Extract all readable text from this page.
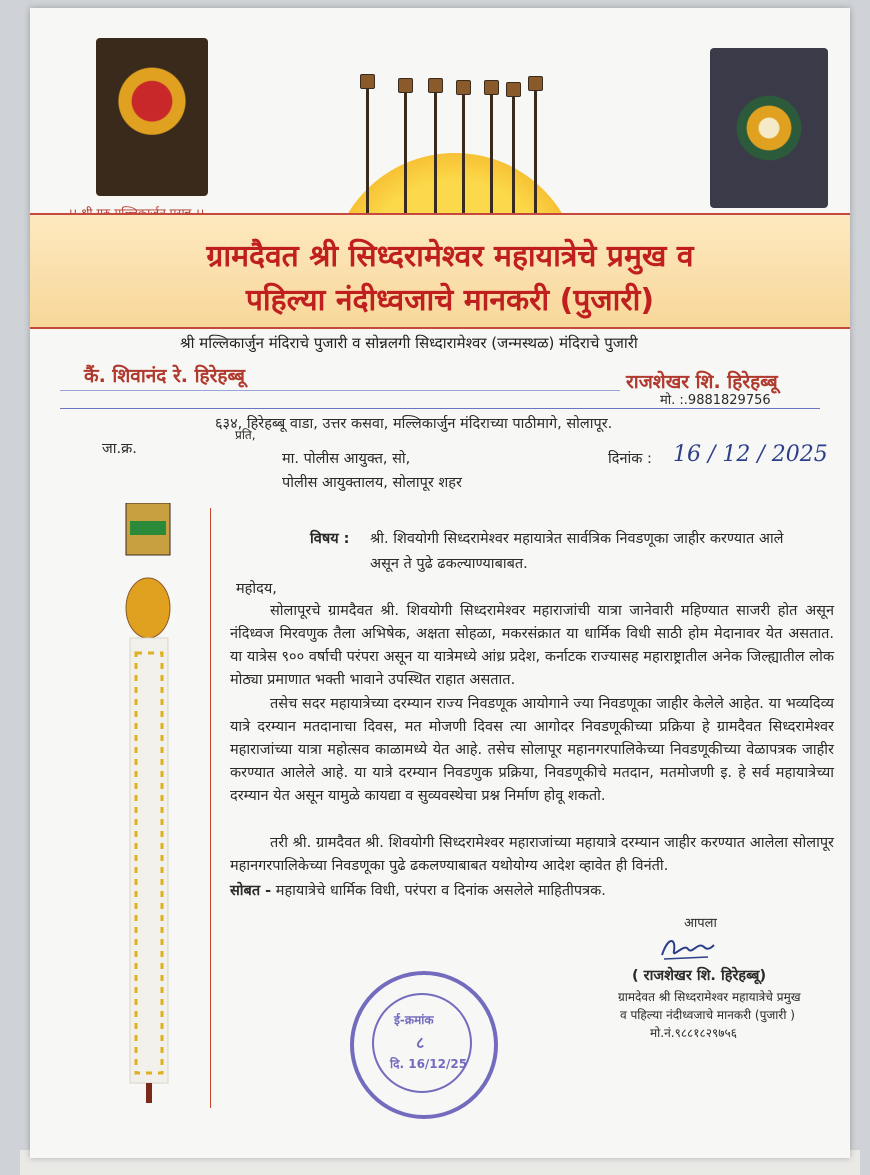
ग्रामदैवत श्री सिध्दरामेश्वर महायात्रेचे प्रमुख व
पहिल्या नंदीध्वजाचे मानकरी (पुजारी)
श्री मल्लिकार्जुन मंदिराचे पुजारी व सोन्नलगी सिध्दारामेश्वर (जन्मस्थळ) मंदिराचे पुजारी
कैं. शिवानंद रे. हिरेहब्बू	राजशेखर शि. हिरेहब्बू
मो. :.9881829756
६३४, हिरेहब्बू वाडा, उत्तर कसवा, मल्लिकार्जुन मंदिराच्या पाठीमागे, सोलापूर.
प्रति,
जा.क्र.
मा. पोलीस आयुक्त, सो,
पोलीस आयुक्तालय, सोलापूर शहर
दिनांक : 16 / 12 / 2025
विषय : श्री. शिवयोगी सिध्दरामेश्वर महायात्रेत सार्वत्रिक निवडणूका जाहीर करण्यात आले
असून ते पुढे ढकल्याण्याबाबत.
महोदय,
सोलापूरचे ग्रामदैवत श्री. शिवयोगी सिध्दरामेश्वर महाराजांची यात्रा जानेवारी महिण्यात साजरी होत असून नंदिध्वज मिरवणुक तैला अभिषेक, अक्षता सोहळा, मकरसंक्रात या धार्मिक विधी साठी होम मेदानावर येत असतात. या यात्रेस ९०० वर्षाची परंपरा असून या यात्रेमध्ये आंध्र प्रदेश, कर्नाटक राज्यासह महाराष्ट्रातील अनेक जिल्ह्यातील लोक मोठ्या प्रमाणात भक्ती भावाने उपस्थित राहात असतात.
तसेच सदर महायात्रेच्या दरम्यान राज्य निवडणूक आयोगाने ज्या निवडणूका जाहीर केलेले आहेत. या भव्यदिव्य यात्रे दरम्यान मतदानाचा दिवस, मत मोजणी दिवस त्या आगोदर निवडणूकीच्या प्रक्रिया हे ग्रामदैवत सिध्दरामेश्वर महाराजांच्या यात्रा महोत्सव काळामध्ये येत आहे. तसेच सोलापूर महानगरपालिकेच्या निवडणूकीच्या वेळापत्रक जाहीर करण्यात आलेले आहे. या यात्रे दरम्यान निवडणुक प्रक्रिया, निवडणूकीचे मतदान, मतमोजणी इ. हे सर्व महायात्रेच्या दरम्यान येत असून यामुळे कायद्या व सुव्यवस्थेचा प्रश्न निर्माण होवू शकतो.
तरी श्री. ग्रामदैवत श्री. शिवयोगी सिध्दरामेश्वर महाराजांच्या महायात्रे दरम्यान जाहीर करण्यात आलेला सोलापूर महानगरपालिकेच्या निवडणूका पुढे ढकलण्याबाबत यथोयोग्य आदेश व्हावेत ही विनंती.
सोबत - महायात्रेचे धार्मिक विधी, परंपरा व दिनांक असलेले माहितीपत्रक.
आपला
( राजशेखर शि. हिरेहब्बू)
ग्रामदेवत श्री सिध्दरामेश्वर महायात्रेचे प्रमुख
व पहिल्या नंदीध्वजाचे मानकरी (पुजारी )
मो.नं.९८८१८२९७५६
ई-क्रमांक
८
दि. 16/12/25
